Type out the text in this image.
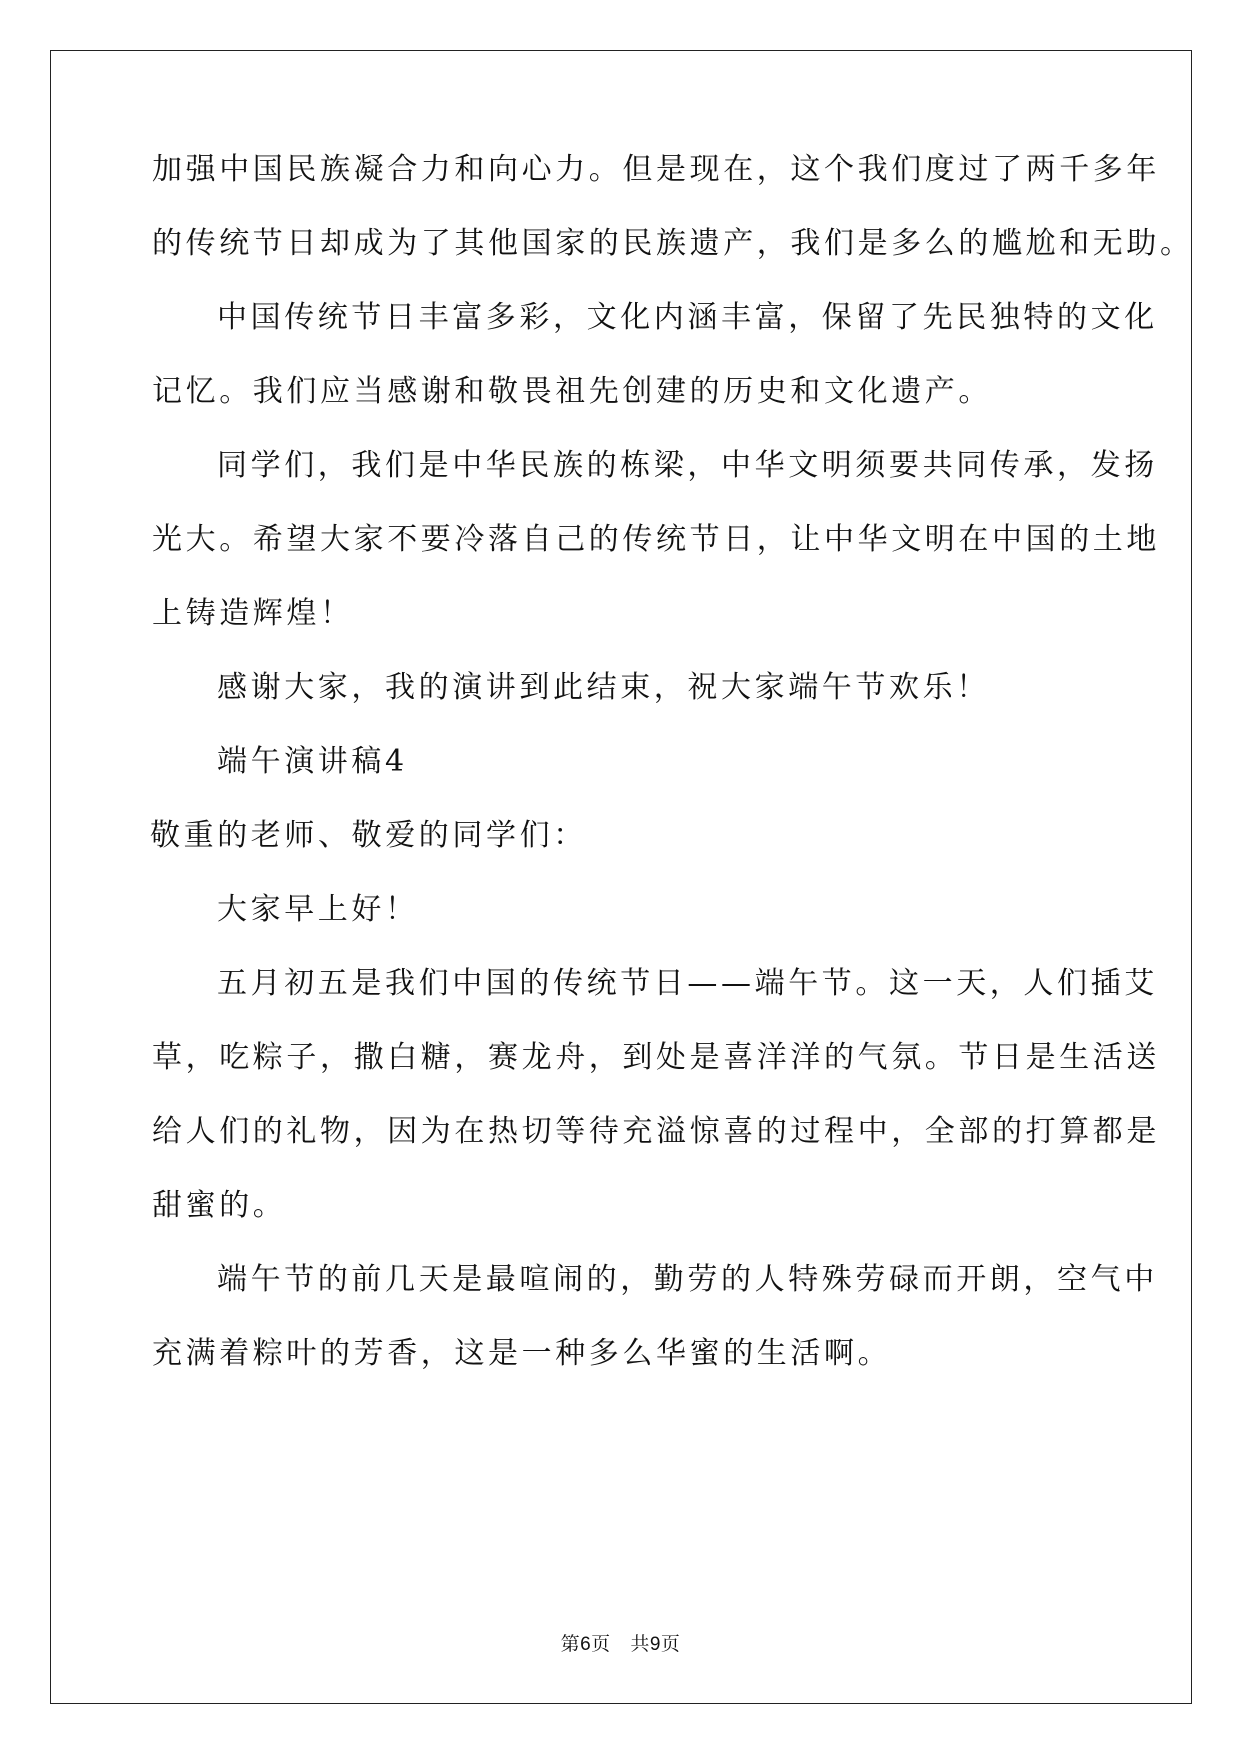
加强中国民族凝合力和向心力。但是现在，这个我们度过了两千多年
的传统节日却成为了其他国家的民族遗产，我们是多么的尴尬和无助。
中国传统节日丰富多彩，文化内涵丰富，保留了先民独特的文化
记忆。我们应当感谢和敬畏祖先创建的历史和文化遗产。
同学们，我们是中华民族的栋梁，中华文明须要共同传承，发扬
光大。希望大家不要冷落自己的传统节日，让中华文明在中国的土地
上铸造辉煌！
感谢大家，我的演讲到此结束，祝大家端午节欢乐！
端午演讲稿4
敬重的老师、敬爱的同学们：
大家早上好！
五月初五是我们中国的传统节日——端午节。这一天，人们插艾
草，吃粽子，撒白糖，赛龙舟，到处是喜洋洋的气氛。节日是生活送
给人们的礼物，因为在热切等待充溢惊喜的过程中，全部的打算都是
甜蜜的。
端午节的前几天是最喧闹的，勤劳的人特殊劳碌而开朗，空气中
充满着粽叶的芳香，这是一种多么华蜜的生活啊。
第6页 共9页
